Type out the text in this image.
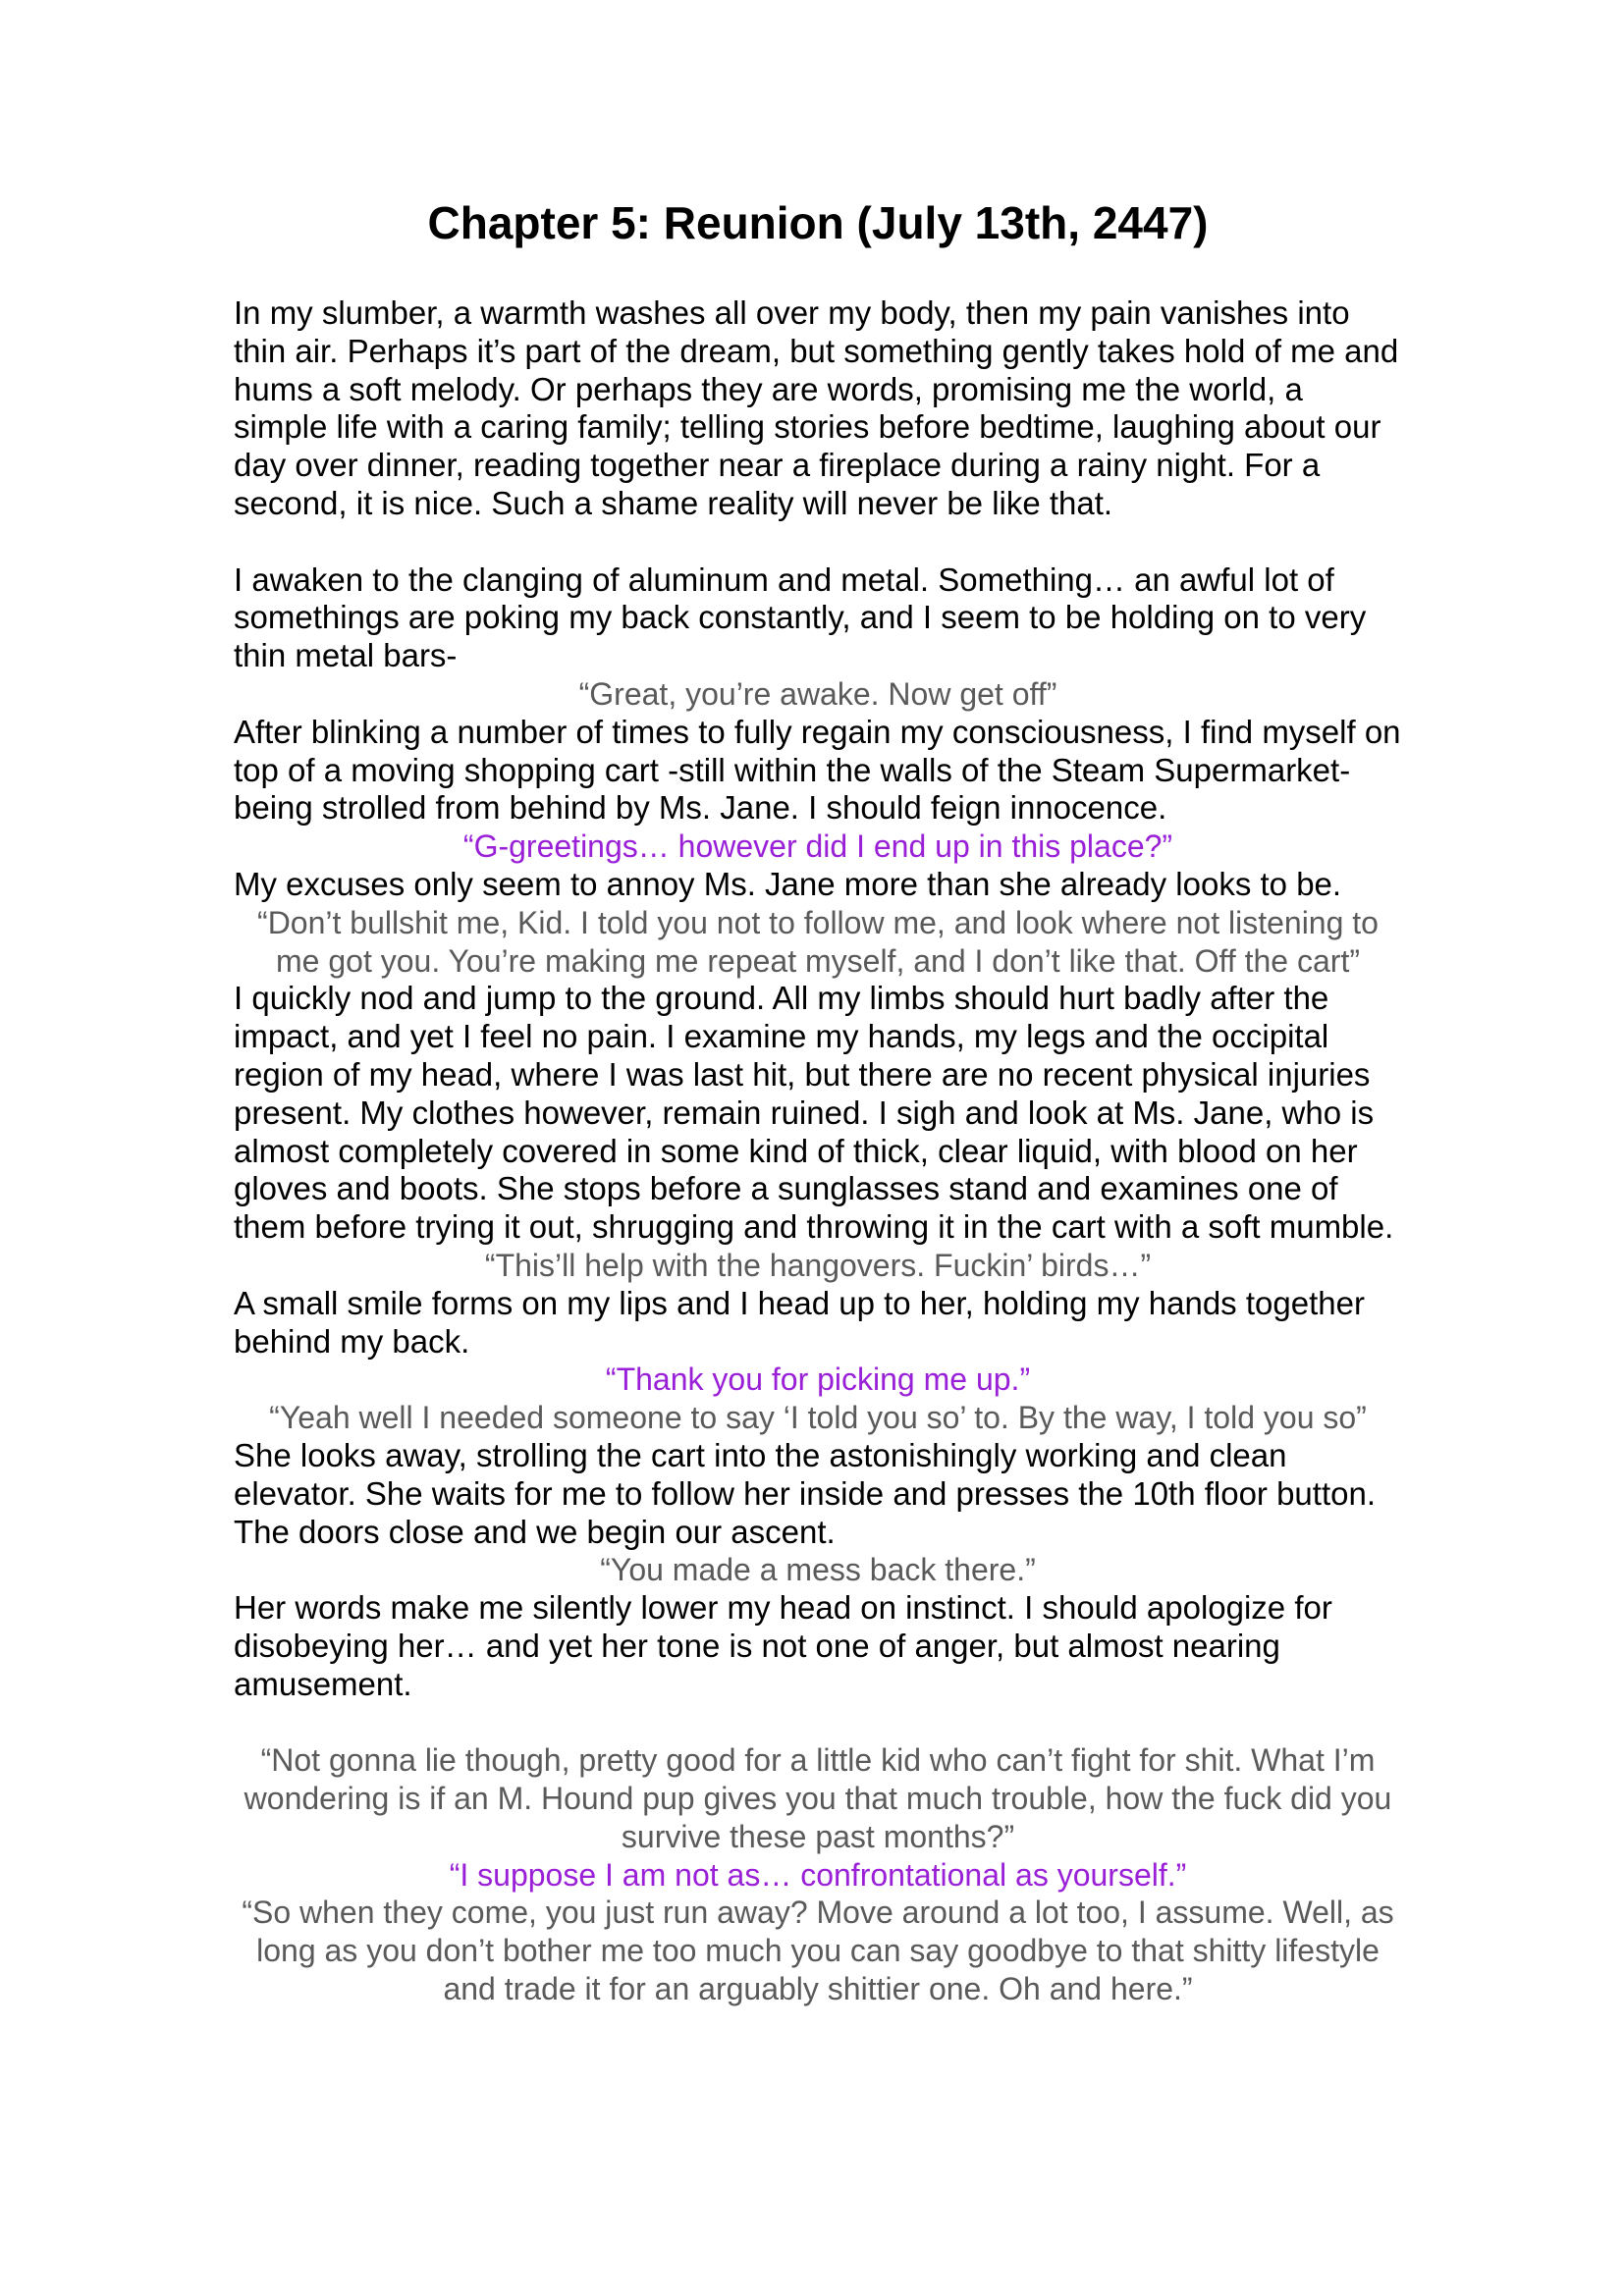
Chapter 5: Reunion (July 13th, 2447)

In my slumber, a warmth washes all over my body, then my pain vanishes into thin air. Perhaps it’s part of the dream, but something gently takes hold of me and hums a soft melody. Or perhaps they are words, promising me the world, a simple life with a caring family; telling stories before bedtime, laughing about our day over dinner, reading together near a fireplace during a rainy night. For a second, it is nice. Such a shame reality will never be like that.

I awaken to the clanging of aluminum and metal. Something… an awful lot of somethings are poking my back constantly, and I seem to be holding on to very thin metal bars-

“Great, you’re awake. Now get off”

After blinking a number of times to fully regain my consciousness, I find myself on top of a moving shopping cart -still within the walls of the Steam Supermarket- being strolled from behind by Ms. Jane. I should feign innocence.

“G-greetings… however did I end up in this place?”

My excuses only seem to annoy Ms. Jane more than she already looks to be.

“Don’t bullshit me, Kid. I told you not to follow me, and look where not listening to me got you. You’re making me repeat myself, and I don’t like that. Off the cart”

I quickly nod and jump to the ground. All my limbs should hurt badly after the impact, and yet I feel no pain. I examine my hands, my legs and the occipital region of my head, where I was last hit, but there are no recent physical injuries present. My clothes however, remain ruined. I sigh and look at Ms. Jane, who is almost completely covered in some kind of thick, clear liquid, with blood on her gloves and boots. She stops before a sunglasses stand and examines one of them before trying it out, shrugging and throwing it in the cart with a soft mumble.

“This’ll help with the hangovers. Fuckin’ birds…”

A small smile forms on my lips and I head up to her, holding my hands together behind my back.

“Thank you for picking me up.”

“Yeah well I needed someone to say ‘I told you so’ to. By the way, I told you so”

She looks away, strolling the cart into the astonishingly working and clean elevator. She waits for me to follow her inside and presses the 10th floor button. The doors close and we begin our ascent.

“You made a mess back there.”

Her words make me silently lower my head on instinct. I should apologize for disobeying her… and yet her tone is not one of anger, but almost nearing amusement.

“Not gonna lie though, pretty good for a little kid who can’t fight for shit. What I’m wondering is if an M. Hound pup gives you that much trouble, how the fuck did you survive these past months?”

“I suppose I am not as… confrontational as yourself.”

“So when they come, you just run away? Move around a lot too, I assume. Well, as long as you don’t bother me too much you can say goodbye to that shitty lifestyle and trade it for an arguably shittier one. Oh and here.”
